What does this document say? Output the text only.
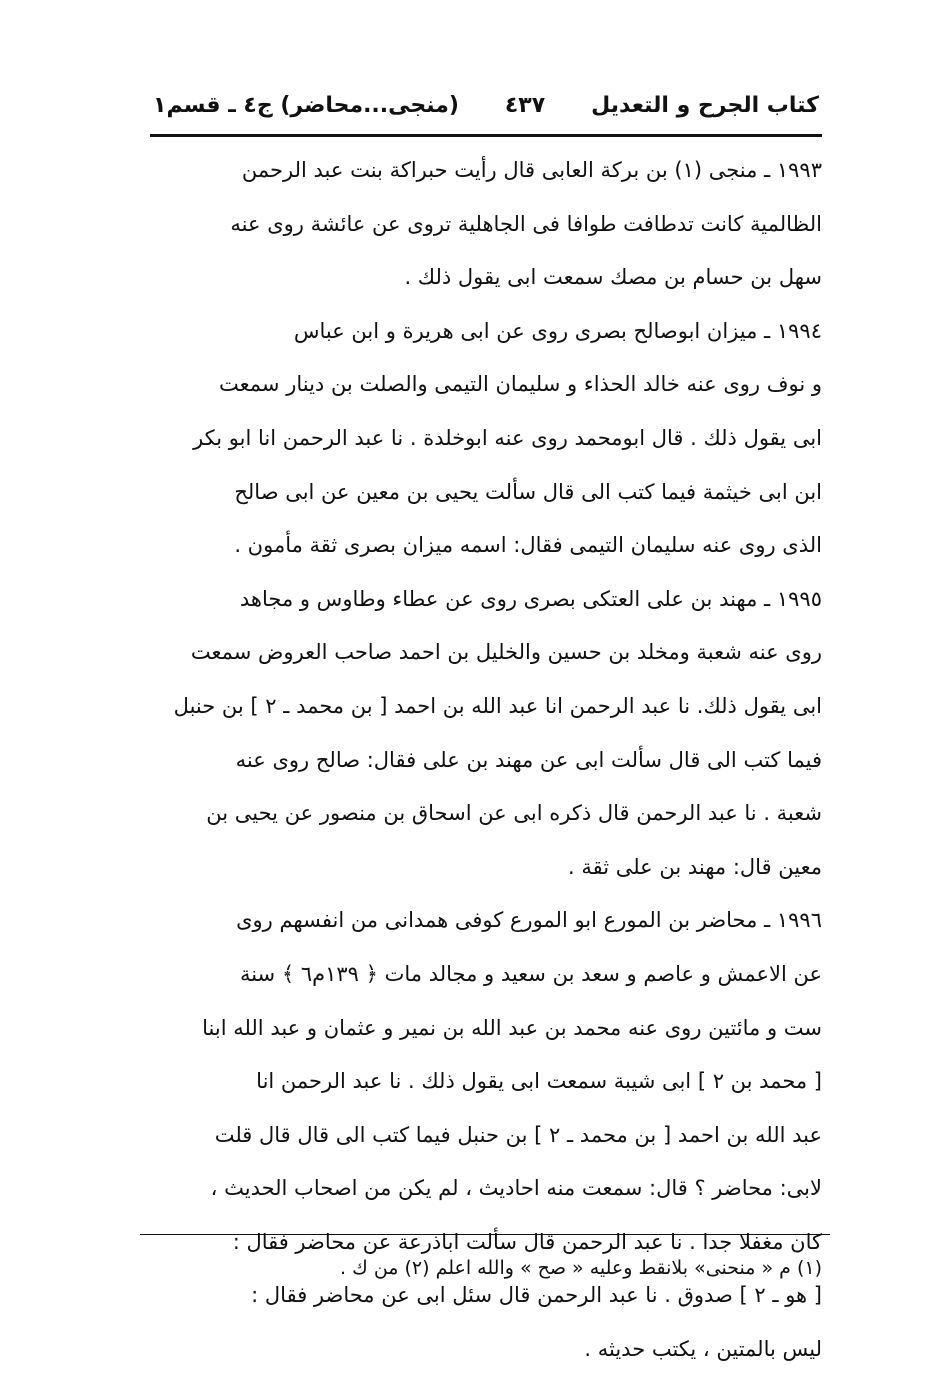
كتاب الجرح و التعديل      ٤٣٧      (منجى...محاضر) ج٤ ـ قسم١
١٩٩٣ ـ منجى (١) بن بركة العابى قال رأيت حبراكة بنت عبد الرحمن
الظالمية كانت تدطافت طوافا فى الجاهلية تروى عن عائشة روى عنه
سهل بن حسام بن مصك سمعت ابى يقول ذلك .
١٩٩٤ ـ ميزان ابوصالح بصرى روى عن ابى هريرة و ابن عباس
و نوف روى عنه خالد الحذاء و سليمان التيمى والصلت بن دينار سمعت
ابى يقول ذلك . قال ابومحمد روى عنه ابوخلدة . نا عبد الرحمن انا ابو بكر
ابن ابى خيثمة فيما كتب الى قال سألت يحيى بن معين عن ابى صالح
الذى روى عنه سليمان التيمى فقال: اسمه ميزان بصرى ثقة مأمون .
١٩٩٥ ـ مهند بن على العتكى بصرى روى عن عطاء وطاوس و مجاهد
روى عنه شعبة ومخلد بن حسين والخليل بن احمد صاحب العروض سمعت
ابى يقول ذلك. نا عبد الرحمن انا عبد الله بن احمد [ بن محمد ـ ٢ ] بن حنبل
فيما كتب الى قال سألت ابى عن مهند بن على فقال: صالح روى عنه
شعبة . نا عبد الرحمن قال ذكره ابى عن اسحاق بن منصور عن يحيى بن
معين قال: مهند بن على ثقة .
١٩٩٦ ـ محاضر بن المورع ابو المورع كوفى همدانى من انفسهم روى
عن الاعمش و عاصم و سعد بن سعيد و مجالد مات ﴿ ١٣٩م٦ ﴾ سنة
ست و مائتين روى عنه محمد بن عبد الله بن نمير و عثمان و عبد الله ابنا
[ محمد بن ٢ ] ابى شيبة سمعت ابى يقول ذلك . نا عبد الرحمن انا
عبد الله بن احمد [ بن محمد ـ ٢ ] بن حنبل فيما كتب الى قال قال قلت
لابى: محاضر ؟ قال: سمعت منه احاديث ، لم يكن من اصحاب الحديث ،
كان مغفلا جدا . نا عبد الرحمن قال سألت اباذرعة عن محاضر فقال :
[ هو ـ ٢ ] صدوق . نا عبد الرحمن قال سئل ابى عن محاضر فقال :
ليس بالمتين ، يكتب حديثه .
(١) م « منحنى» بلانقط وعليه « صح » والله اعلم (٢) من ك .
